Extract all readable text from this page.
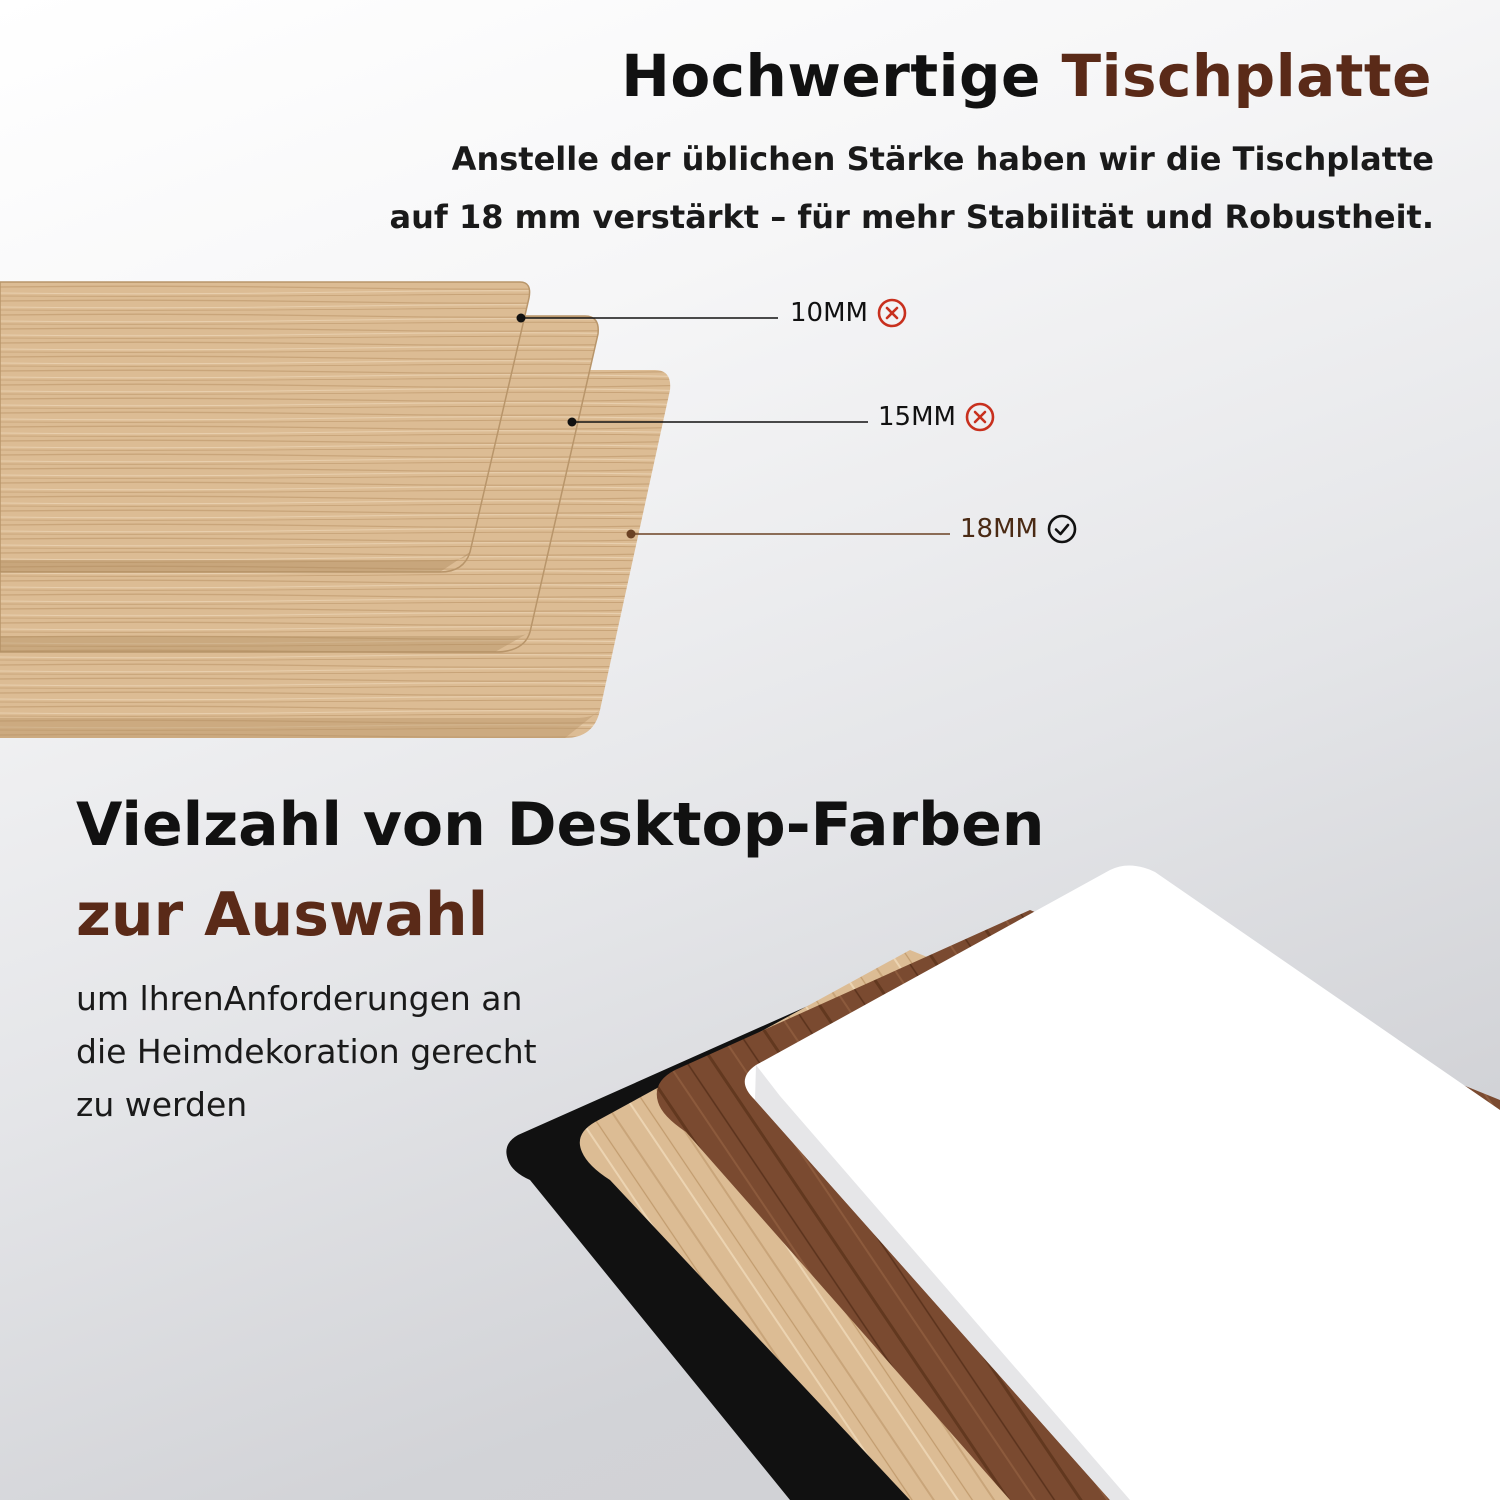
Hochwertige Tischplatte

Anstelle der üblichen Stärke haben wir die Tischplatte
auf 18 mm verstärkt – für mehr Stabilität und Robustheit.

10MM
15MM
18MM
Vielzahl von Desktop-Farben
zur Auswahl

um lhrenAnforderungen an
die Heimdekoration gerecht
zu werden
